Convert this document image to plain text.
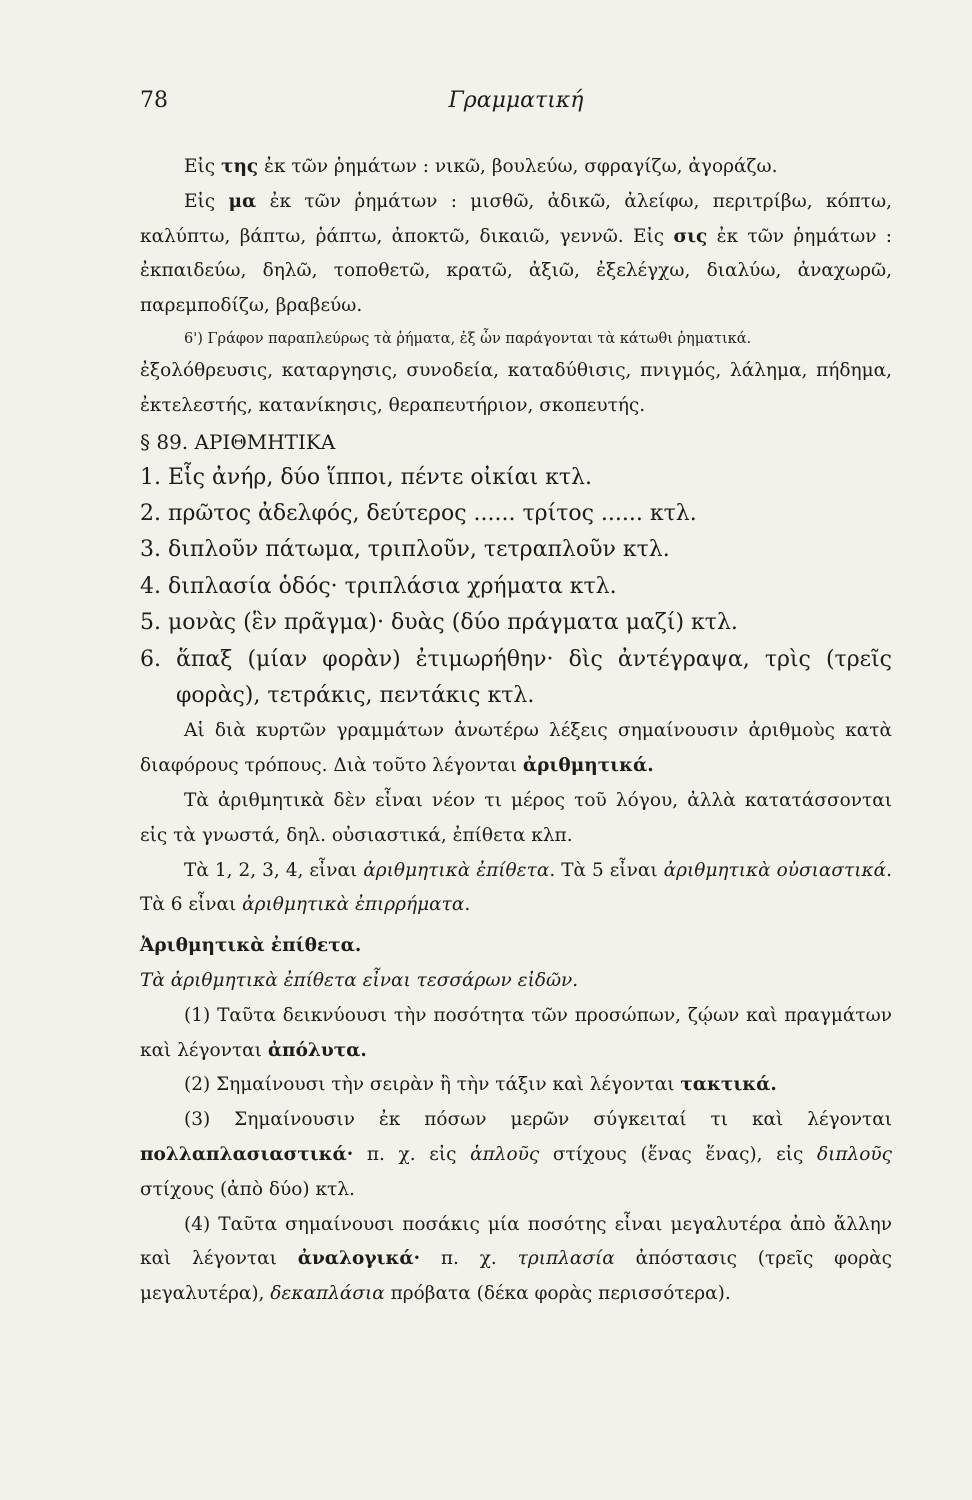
78	Γραμματική

Εἰς της ἐκ τῶν ῥημάτων : νικῶ, βουλεύω, σφραγίζω, ἀγοράζω.

Εἰς μα ἐκ τῶν ῥημάτων : μισθῶ, ἀδικῶ, ἀλείφω, περιτρίβω, κόπτω, καλύπτω, βάπτω, ῥάπτω, ἀποκτῶ, δικαιῶ, γεννῶ. Εἰς σις ἐκ τῶν ῥημάτων : ἐκπαιδεύω, δηλῶ, τοποθετῶ, κρατῶ, ἀξιῶ, ἐξελέγχω, διαλύω, ἀναχωρῶ, παρεμποδίζω, βραβεύω.

6') Γράφον παραπλεύρως τὰ ῥήματα, ἐξ ὧν παράγονται τὰ κάτωθι ῥηματικά.

ἐξολόθρευσις, καταργησις, συνοδεία, καταδύθισις, πνιγμός, λάλημα, πήδημα, ἐκτελεστής, κατανίκησις, θεραπευτήριον, σκοπευτής.

§ 89. ΑΡΙΘΜΗΤΙΚΑ

1. Εἷς ἀνήρ, δύο ἵπποι, πέντε οἰκίαι κτλ.

2. πρῶτος ἀδελφός, δεύτερος ...... τρίτος ...... κτλ.

3. διπλοῦν πάτωμα, τριπλοῦν, τετραπλοῦν κτλ.

4. διπλασία ὁδός· τριπλάσια χρήματα κτλ.

5. μονὰς (ἓν πρᾶγμα)· δυὰς (δύο πράγματα μαζί) κτλ.

6. ἅπαξ (μίαν φορὰν) ἐτιμωρήθην· δὶς ἀντέγραψα, τρὶς (τρεῖς φορὰς), τετράκις, πεντάκις κτλ.

Αἱ διὰ κυρτῶν γραμμάτων ἀνωτέρω λέξεις σημαίνουσιν ἀριθμοὺς κατὰ διαφόρους τρόπους. Διὰ τοῦτο λέγονται ἀριθμητικά.

Τὰ ἀριθμητικὰ δὲν εἶναι νέον τι μέρος τοῦ λόγου, ἀλλὰ κατατάσσονται εἰς τὰ γνωστά, δηλ. οὐσιαστικά, ἐπίθετα κλπ.

Τὰ 1, 2, 3, 4, εἶναι ἀριθμητικὰ ἐπίθετα. Τὰ 5 εἶναι ἀριθμητικὰ οὐσιαστικά. Τὰ 6 εἶναι ἀριθμητικὰ ἐπιρρήματα.

Ἀριθμητικὰ ἐπίθετα.

Τὰ ἀριθμητικὰ ἐπίθετα εἶναι τεσσάρων εἰδῶν.

(1) Ταῦτα δεικνύουσι τὴν ποσότητα τῶν προσώπων, ζῴων καὶ πραγμάτων καὶ λέγονται ἀπόλυτα.

(2) Σημαίνουσι τὴν σειρὰν ἢ τὴν τάξιν καὶ λέγονται τακτικά.

(3) Σημαίνουσιν ἐκ πόσων μερῶν σύγκειταί τι καὶ λέγονται πολλαπλασιαστικά· π. χ. εἰς ἁπλοῦς στίχους (ἕνας ἕνας), εἰς διπλοῦς στίχους (ἀπὸ δύο) κτλ.

(4) Ταῦτα σημαίνουσι ποσάκις μία ποσότης εἶναι μεγαλυτέρα ἀπὸ ἄλλην καὶ λέγονται ἀναλογικά· π. χ. τριπλασία ἀπόστασις (τρεῖς φορὰς μεγαλυτέρα), δεκαπλάσια πρόβατα (δέκα φορὰς περισσότερα).
